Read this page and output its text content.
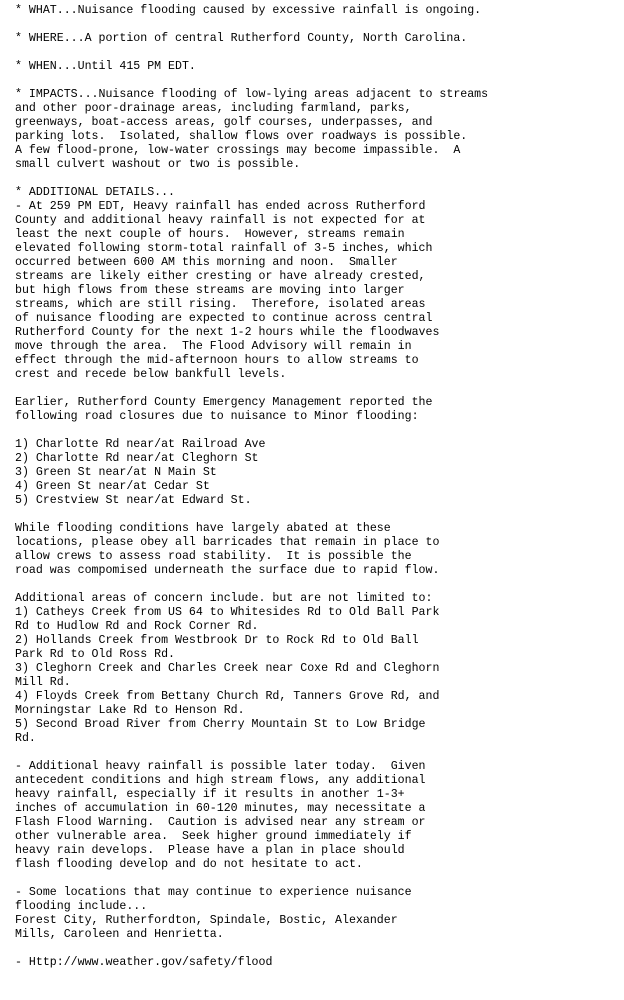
* WHAT...Nuisance flooding caused by excessive rainfall is ongoing.
* WHERE...A portion of central Rutherford County, North Carolina.
* WHEN...Until 415 PM EDT.
* IMPACTS...Nuisance flooding of low-lying areas adjacent to streams
and other poor-drainage areas, including farmland, parks,
greenways, boat-access areas, golf courses, underpasses, and
parking lots.  Isolated, shallow flows over roadways is possible.
A few flood-prone, low-water crossings may become impassible.  A
small culvert washout or two is possible.
* ADDITIONAL DETAILS...
- At 259 PM EDT, Heavy rainfall has ended across Rutherford
County and additional heavy rainfall is not expected for at
least the next couple of hours.  However, streams remain
elevated following storm-total rainfall of 3-5 inches, which
occurred between 600 AM this morning and noon.  Smaller
streams are likely either cresting or have already crested,
but high flows from these streams are moving into larger
streams, which are still rising.  Therefore, isolated areas
of nuisance flooding are expected to continue across central
Rutherford County for the next 1-2 hours while the floodwaves
move through the area.  The Flood Advisory will remain in
effect through the mid-afternoon hours to allow streams to
crest and recede below bankfull levels.
Earlier, Rutherford County Emergency Management reported the
following road closures due to nuisance to Minor flooding:
1) Charlotte Rd near/at Railroad Ave
2) Charlotte Rd near/at Cleghorn St
3) Green St near/at N Main St
4) Green St near/at Cedar St
5) Crestview St near/at Edward St.
While flooding conditions have largely abated at these
locations, please obey all barricades that remain in place to
allow crews to assess road stability.  It is possible the
road was compomised underneath the surface due to rapid flow.
Additional areas of concern include. but are not limited to:
1) Catheys Creek from US 64 to Whitesides Rd to Old Ball Park
Rd to Hudlow Rd and Rock Corner Rd.
2) Hollands Creek from Westbrook Dr to Rock Rd to Old Ball
Park Rd to Old Ross Rd.
3) Cleghorn Creek and Charles Creek near Coxe Rd and Cleghorn
Mill Rd.
4) Floyds Creek from Bettany Church Rd, Tanners Grove Rd, and
Morningstar Lake Rd to Henson Rd.
5) Second Broad River from Cherry Mountain St to Low Bridge
Rd.
- Additional heavy rainfall is possible later today.  Given
antecedent conditions and high stream flows, any additional
heavy rainfall, especially if it results in another 1-3+
inches of accumulation in 60-120 minutes, may necessitate a
Flash Flood Warning.  Caution is advised near any stream or
other vulnerable area.  Seek higher ground immediately if
heavy rain develops.  Please have a plan in place should
flash flooding develop and do not hesitate to act.
- Some locations that may continue to experience nuisance
flooding include...
Forest City, Rutherfordton, Spindale, Bostic, Alexander
Mills, Caroleen and Henrietta.
- Http://www.weather.gov/safety/flood
